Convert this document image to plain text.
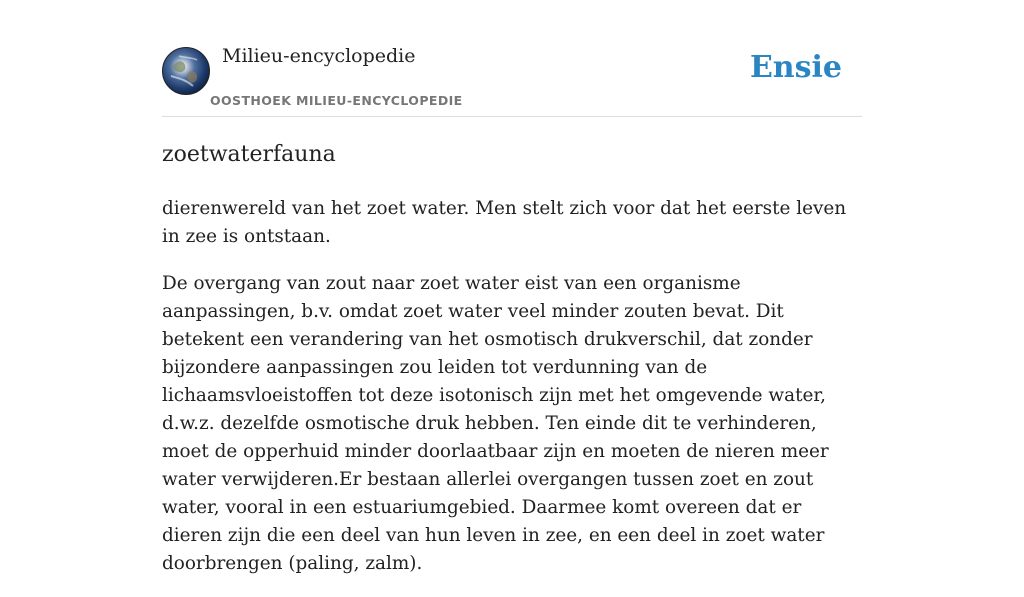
Milieu-encyclopedie
OOSTHOEK MILIEU-ENCYCLOPEDIE
Ensie
zoetwaterfauna

dierenwereld van het zoet water. Men stelt zich voor dat het eerste leven in zee is ontstaan.

De overgang van zout naar zoet water eist van een organisme aanpassingen, b.v. omdat zoet water veel minder zouten bevat. Dit betekent een verandering van het osmotisch drukverschil, dat zonder bijzondere aanpassingen zou leiden tot verdunning van de lichaamsvloeistoffen tot deze isotonisch zijn met het omgevende water, d.w.z. dezelfde osmotische druk hebben. Ten einde dit te verhinderen, moet de opperhuid minder doorlaatbaar zijn en moeten de nieren meer water verwijderen.Er bestaan allerlei overgangen tussen zoet en zout water, vooral in een estuariumgebied. Daarmee komt overeen dat er dieren zijn die een deel van hun leven in zee, en een deel in zoet water doorbrengen (paling, zalm).
